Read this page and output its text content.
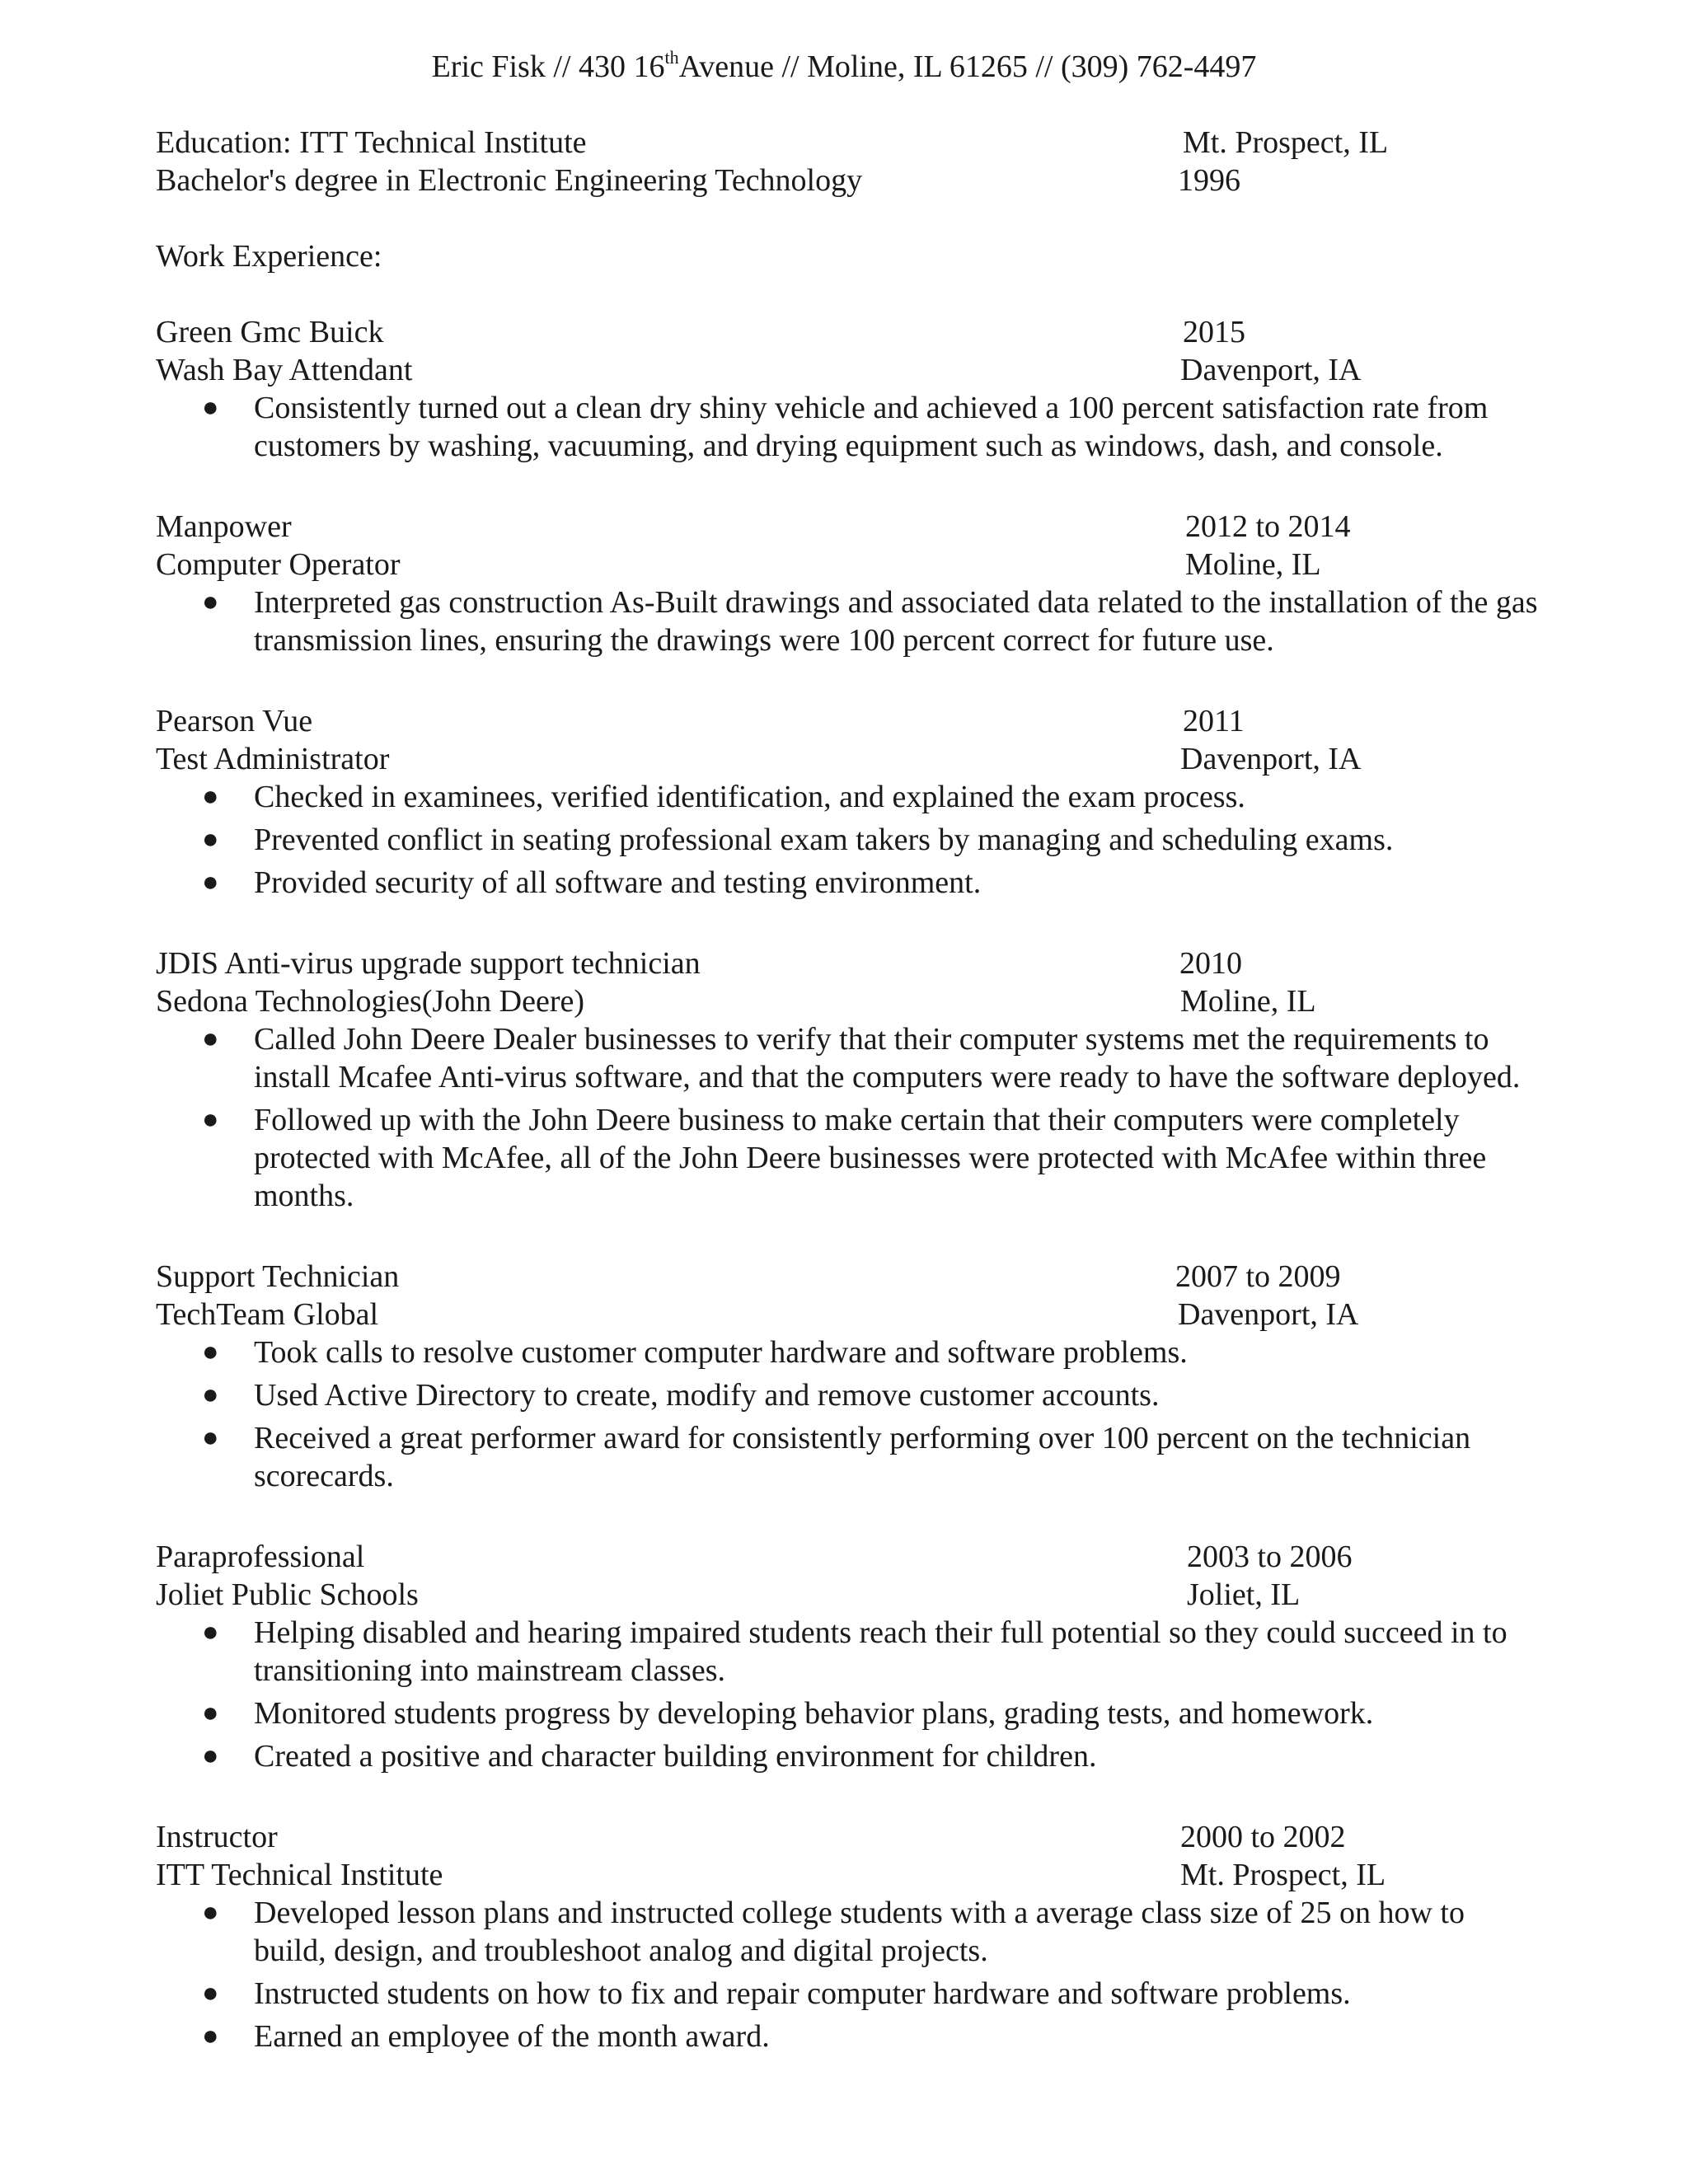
Eric Fisk // 430 16thAvenue // Moline, IL 61265 // (309) 762-4497
Education: ITT Technical Institute	Mt. Prospect, IL
Bachelor's degree in Electronic Engineering Technology	1996
Work Experience:
Green Gmc Buick	2015
Wash Bay Attendant	Davenport, IA
● Consistently turned out a clean dry shiny vehicle and achieved a 100 percent satisfaction rate from customers by washing, vacuuming, and drying equipment such as windows, dash, and console.
Manpower	2012 to 2014
Computer Operator	Moline, IL
● Interpreted gas construction As-Built drawings and associated data related to the installation of the gas transmission lines, ensuring the drawings were 100 percent correct for future use.
Pearson Vue	2011
Test Administrator	Davenport, IA
● Checked in examinees, verified identification, and explained the exam process.
● Prevented conflict in seating professional exam takers by managing and scheduling exams.
● Provided security of all software and testing environment.
JDIS Anti-virus upgrade support technician	2010
Sedona Technologies(John Deere)	Moline, IL
● Called John Deere Dealer businesses to verify that their computer systems met the requirements to install Mcafee Anti-virus software, and that the computers were ready to have the software deployed.
● Followed up with the John Deere business to make certain that their computers were completely protected with McAfee, all of the John Deere businesses were protected with McAfee within three months.
Support Technician	2007 to 2009
TechTeam Global	Davenport, IA
● Took calls to resolve customer computer hardware and software problems.
● Used Active Directory to create, modify and remove customer accounts.
● Received a great performer award for consistently performing over 100 percent on the technician scorecards.
Paraprofessional	2003 to 2006
Joliet Public Schools	Joliet, IL
● Helping disabled and hearing impaired students reach their full potential so they could succeed in to transitioning into mainstream classes.
● Monitored students progress by developing behavior plans, grading tests, and homework.
● Created a positive and character building environment for children.
Instructor	2000 to 2002
ITT Technical Institute	Mt. Prospect, IL
● Developed lesson plans and instructed college students with a average class size of 25 on how to build, design, and troubleshoot analog and digital projects.
● Instructed students on how to fix and repair computer hardware and software problems.
● Earned an employee of the month award.
